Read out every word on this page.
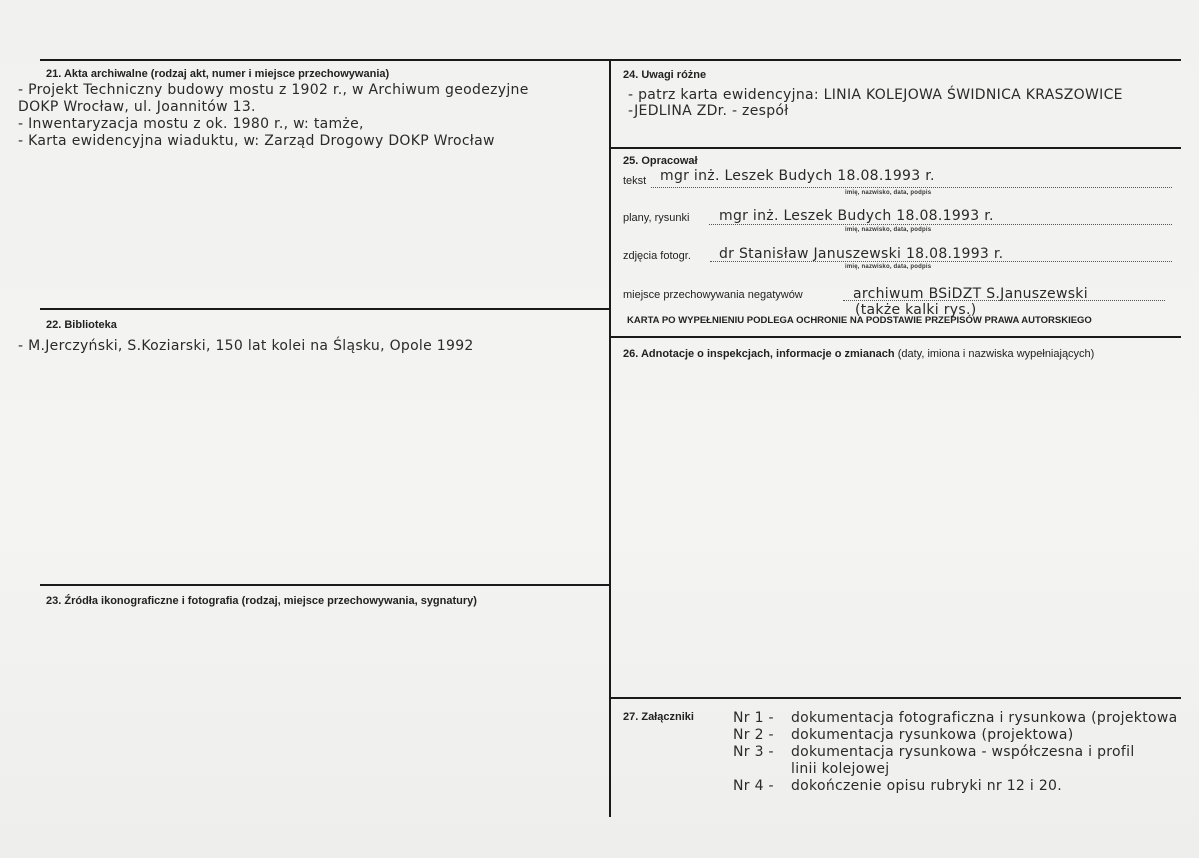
21. Akta archiwalne (rodzaj akt, numer i miejsce przechowywania)
- Projekt Techniczny budowy mostu z 1902 r., w Archiwum geodezyjne
DOKP Wrocław, ul. Joannitów 13.
- Inwentaryzacja mostu z ok. 1980 r., w: tamże,
- Karta ewidencyjna wiaduktu, w: Zarząd Drogowy DOKP Wrocław
22. Biblioteka
- M.Jerczyński, S.Koziarski, 150 lat kolei na Śląsku, Opole 1992
23. Źródła ikonograficzne i fotografia (rodzaj, miejsce przechowywania, sygnatury)
24. Uwagi różne
- patrz karta ewidencyjna: LINIA KOLEJOWA ŚWIDNICA KRASZOWICE
-JEDLINA ZDr. - zespół
25. Opracował
tekst mgr inż. Leszek Budych 18.08.1993 r.
imię, nazwisko, data, podpis
plany, rysunki mgr inż. Leszek Budych 18.08.1993 r.
imię, nazwisko, data, podpis
zdjęcia fotogr. dr Stanisław Januszewski 18.08.1993 r.
imię, nazwisko, data, podpis
miejsce przechowywania negatywów	archiwum BSiDZT S.Januszewski
(także kalki rys.)
KARTA PO WYPEŁNIENIU PODLEGA OCHRONIE NA PODSTAWIE PRZEPISÓW PRAWA AUTORSKIEGO
26. Adnotacje o inspekcjach, informacje o zmianach (daty, imiona i nazwiska wypełniających)
27. Załączniki	Nr 1 -	dokumentacja fotograficzna i rysunkowa (projektowa
Nr 2 -	dokumentacja rysunkowa (projektowa)
Nr 3 -	dokumentacja rysunkowa - współczesna i profil
linii kolejowej
Nr 4 -	dokończenie opisu rubryki nr 12 i 20.
